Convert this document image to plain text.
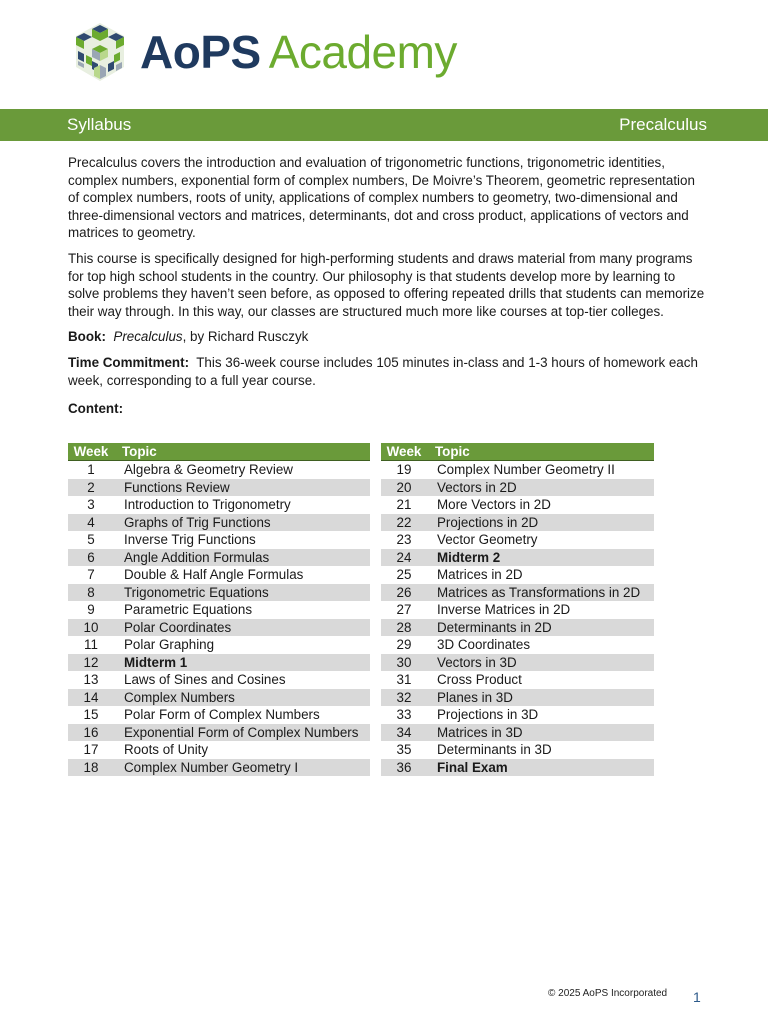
AoPS Academy
Syllabus	Precalculus

Precalculus covers the introduction and evaluation of trigonometric functions, trigonometric identities, complex numbers, exponential form of complex numbers, De Moivre’s Theorem, geometric representation of complex numbers, roots of unity, applications of complex numbers to geometry, two-dimensional and three-dimensional vectors and matrices, determinants, dot and cross product, applications of vectors and matrices to geometry.

This course is specifically designed for high-performing students and draws material from many programs for top high school students in the country. Our philosophy is that students develop more by learning to solve problems they haven’t seen before, as opposed to offering repeated drills that students can memorize their way through. In this way, our classes are structured much more like courses at top-tier colleges.

Book: Precalculus, by Richard Rusczyk

Time Commitment: This 36-week course includes 105 minutes in-class and 1-3 hours of homework each week, corresponding to a full year course.

Content:
Week	Topic
1	Algebra & Geometry Review
2	Functions Review
3	Introduction to Trigonometry
4	Graphs of Trig Functions
5	Inverse Trig Functions
6	Angle Addition Formulas
7	Double & Half Angle Formulas
8	Trigonometric Equations
9	Parametric Equations
10	Polar Coordinates
11	Polar Graphing
12	Midterm 1
13	Laws of Sines and Cosines
14	Complex Numbers
15	Polar Form of Complex Numbers
16	Exponential Form of Complex Numbers
17	Roots of Unity
18	Complex Number Geometry I
Week	Topic
19	Complex Number Geometry II
20	Vectors in 2D
21	More Vectors in 2D
22	Projections in 2D
23	Vector Geometry
24	Midterm 2
25	Matrices in 2D
26	Matrices as Transformations in 2D
27	Inverse Matrices in 2D
28	Determinants in 2D
29	3D Coordinates
30	Vectors in 3D
31	Cross Product
32	Planes in 3D
33	Projections in 3D
34	Matrices in 3D
35	Determinants in 3D
36	Final Exam
© 2025 AoPS Incorporated 1
